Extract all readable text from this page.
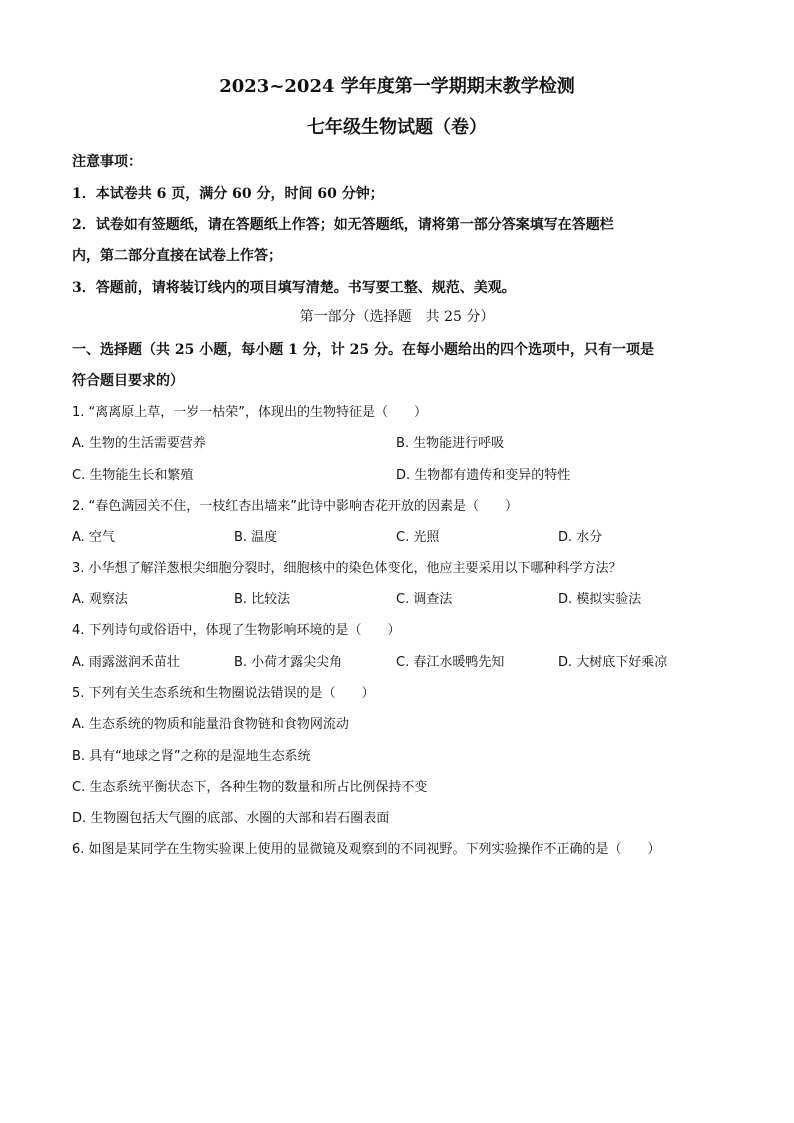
2023~2024 学年度第一学期期末教学检测
七年级生物试题（卷）
注意事项：
1．本试卷共 6 页，满分 60 分，时间 60 分钟；
2．试卷如有签题纸，请在答题纸上作答；如无答题纸，请将第一部分答案填写在答题栏
内，第二部分直接在试卷上作答；
3．答题前，请将装订线内的项目填写清楚。书写要工整、规范、美观。
第一部分（选择题　共 25 分）
一、选择题（共 25 小题，每小题 1 分，计 25 分。在每小题给出的四个选项中，只有一项是
符合题目要求的）
1. “离离原上草，一岁一枯荣”，体现出的生物特征是（　　）
A. 生物的生活需要营养	B. 生物能进行呼吸
C. 生物能生长和繁殖	D. 生物都有遗传和变异的特性
2. “春色满园关不住，一枝红杏出墙来”此诗中影响杏花开放的因素是（　　）
A. 空气	B. 温度	C. 光照	D. 水分
3. 小华想了解洋葱根尖细胞分裂时，细胞核中的染色体变化，他应主要采用以下哪种科学方法？
A. 观察法	B. 比较法	C. 调查法	D. 模拟实验法
4. 下列诗句或俗语中，体现了生物影响环境的是（　　）
A. 雨露滋润禾苗壮	B. 小荷才露尖尖角	C. 春江水暖鸭先知	D. 大树底下好乘凉
5. 下列有关生态系统和生物圈说法错误的是（　　）
A. 生态系统的物质和能量沿食物链和食物网流动
B. 具有“地球之肾”之称的是湿地生态系统
C. 生态系统平衡状态下，各种生物的数量和所占比例保持不变
D. 生物圈包括大气圈的底部、水圈的大部和岩石圈表面
6. 如图是某同学在生物实验课上使用的显微镜及观察到的不同视野。下列实验操作不正确的是（　　）
